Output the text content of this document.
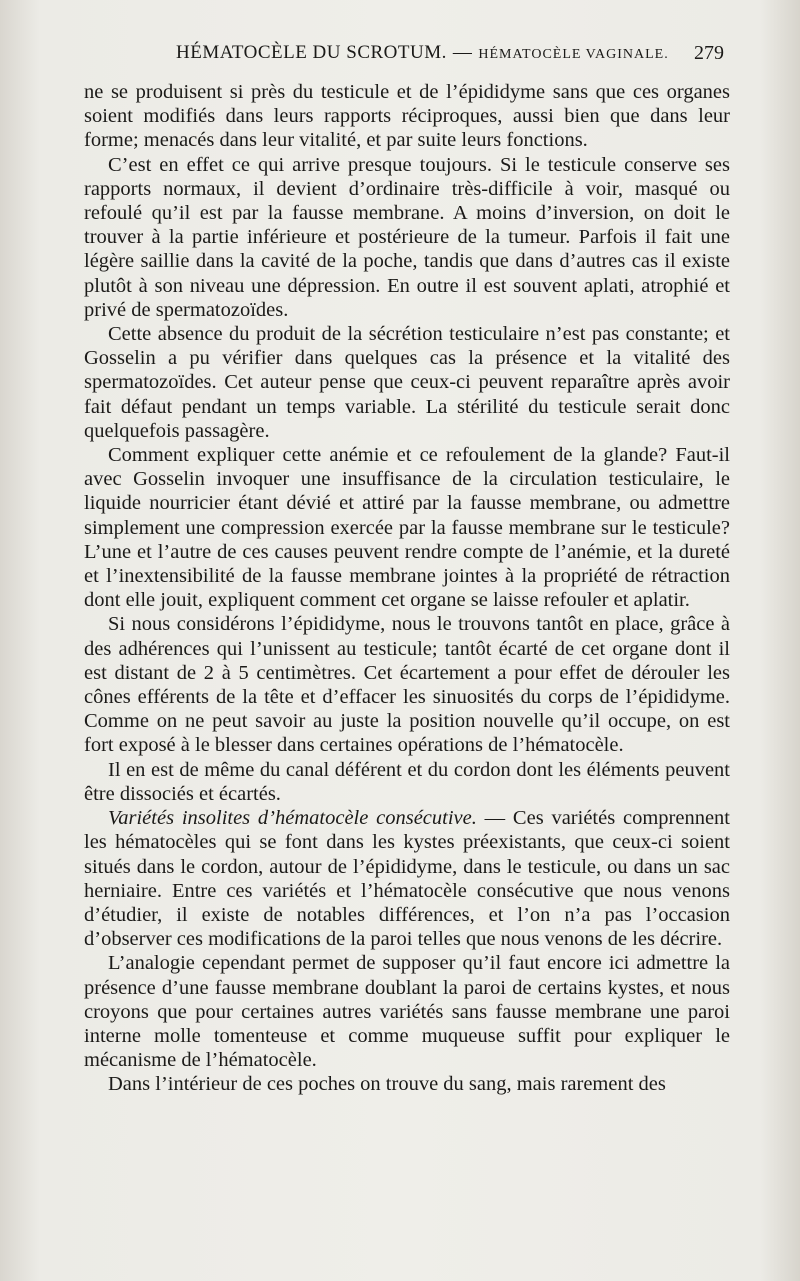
HÉMATOCÈLE DU SCROTUM. — HÉMATOCÈLE VAGINALE. 279

ne se produisent si près du testicule et de l’épididyme sans que ces organes soient modifiés dans leurs rapports réciproques, aussi bien que dans leur forme; menacés dans leur vitalité, et par suite leurs fonctions.

C’est en effet ce qui arrive presque toujours. Si le testicule conserve ses rapports normaux, il devient d’ordinaire très-difficile à voir, masqué ou refoulé qu’il est par la fausse membrane. A moins d’inversion, on doit le trouver à la partie inférieure et postérieure de la tumeur. Parfois il fait une légère saillie dans la cavité de la poche, tandis que dans d’autres cas il existe plutôt à son niveau une dépression. En outre il est souvent aplati, atrophié et privé de spermatozoïdes.

Cette absence du produit de la sécrétion testiculaire n’est pas constante; et Gosselin a pu vérifier dans quelques cas la présence et la vitalité des spermatozoïdes. Cet auteur pense que ceux-ci peuvent reparaître après avoir fait défaut pendant un temps variable. La stérilité du testicule serait donc quelquefois passagère.

Comment expliquer cette anémie et ce refoulement de la glande? Faut-il avec Gosselin invoquer une insuffisance de la circulation testiculaire, le liquide nourricier étant dévié et attiré par la fausse membrane, ou admettre simplement une compression exercée par la fausse membrane sur le testicule? L’une et l’autre de ces causes peuvent rendre compte de l’anémie, et la dureté et l’inextensibilité de la fausse membrane jointes à la propriété de rétraction dont elle jouit, expliquent comment cet organe se laisse refouler et aplatir.

Si nous considérons l’épididyme, nous le trouvons tantôt en place, grâce à des adhérences qui l’unissent au testicule; tantôt écarté de cet organe dont il est distant de 2 à 5 centimètres. Cet écartement a pour effet de dérouler les cônes efférents de la tête et d’effacer les sinuosités du corps de l’épididyme. Comme on ne peut savoir au juste la position nouvelle qu’il occupe, on est fort exposé à le blesser dans certaines opérations de l’hématocèle.

Il en est de même du canal déférent et du cordon dont les éléments peuvent être dissociés et écartés.

Variétés insolites d’hématocèle consécutive. — Ces variétés comprennent les hématocèles qui se font dans les kystes préexistants, que ceux-ci soient situés dans le cordon, autour de l’épididyme, dans le testicule, ou dans un sac herniaire. Entre ces variétés et l’hématocèle consécutive que nous venons d’étudier, il existe de notables différences, et l’on n’a pas l’occasion d’observer ces modifications de la paroi telles que nous venons de les décrire.

L’analogie cependant permet de supposer qu’il faut encore ici admettre la présence d’une fausse membrane doublant la paroi de certains kystes, et nous croyons que pour certaines autres variétés sans fausse membrane une paroi interne molle tomenteuse et comme muqueuse suffit pour expliquer le mécanisme de l’hématocèle.

Dans l’intérieur de ces poches on trouve du sang, mais rarement des
